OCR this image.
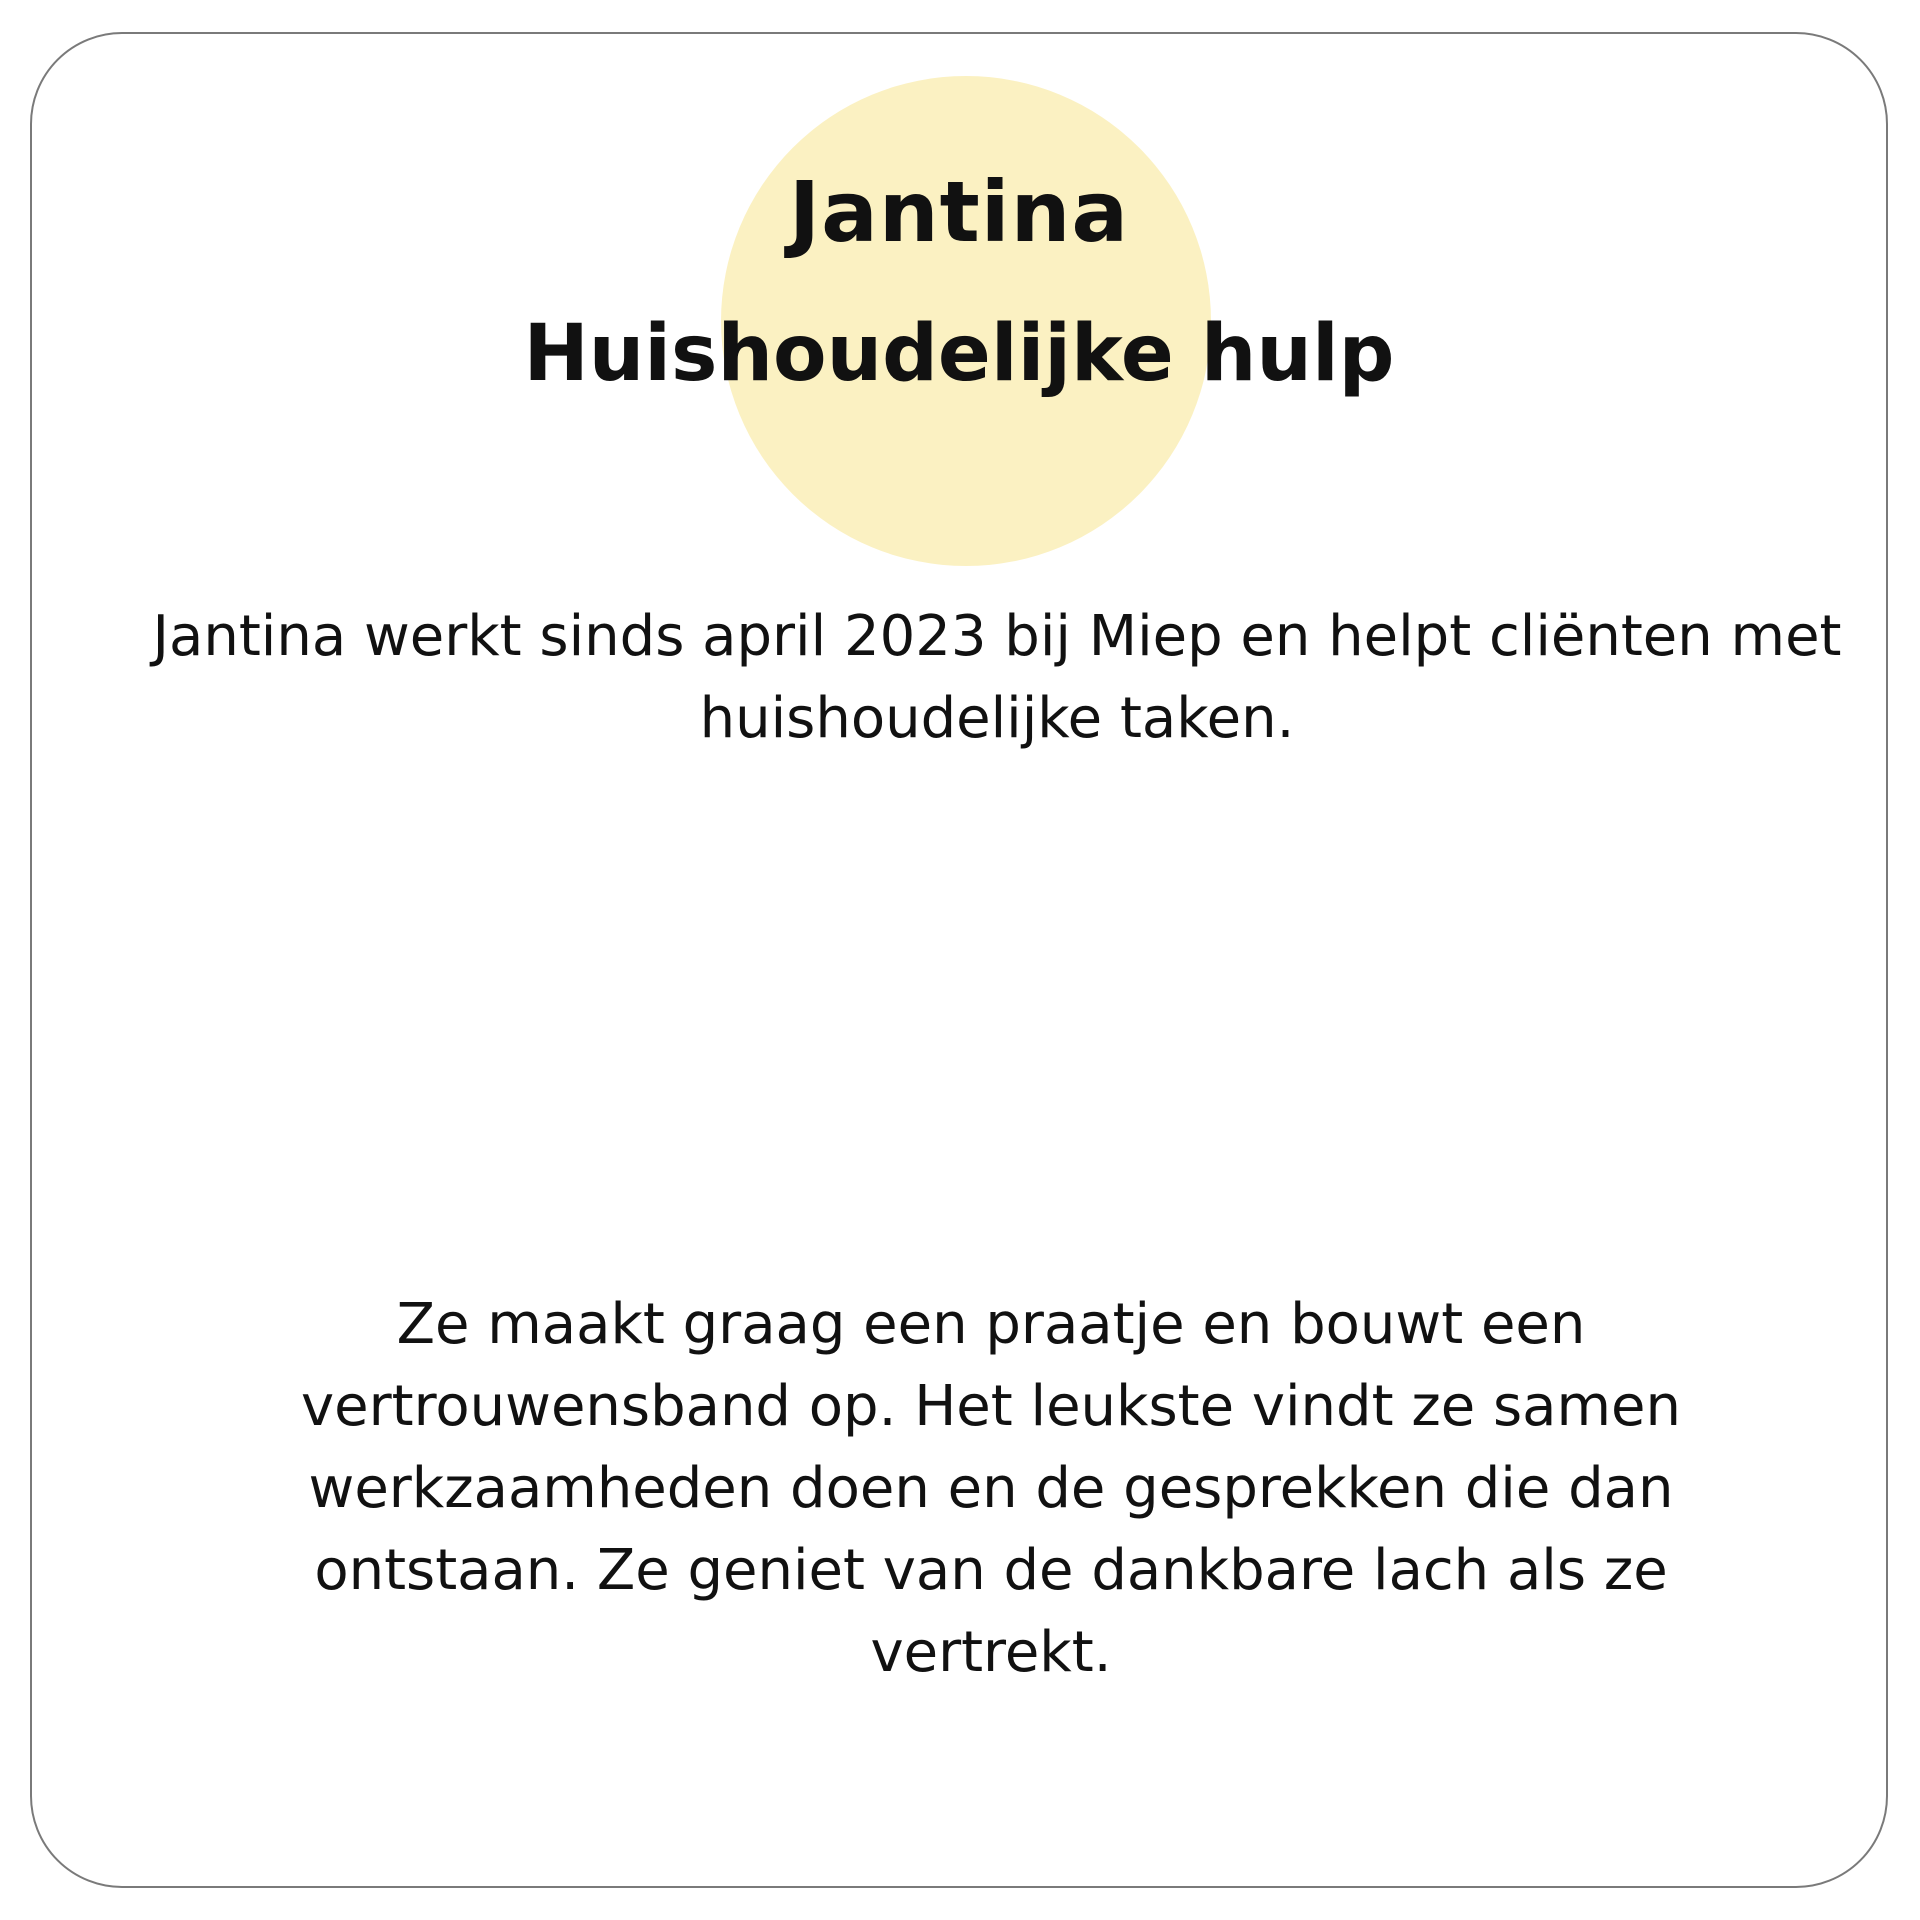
Jantina
Huishoudelijke hulp

Jantina werkt sinds april 2023 bij Miep en helpt cliënten met huishoudelijke taken.

Ze maakt graag een praatje en bouwt een vertrouwensband op. Het leukste vindt ze samen werkzaamheden doen en de gesprekken die dan ontstaan. Ze geniet van de dankbare lach als ze vertrekt.
